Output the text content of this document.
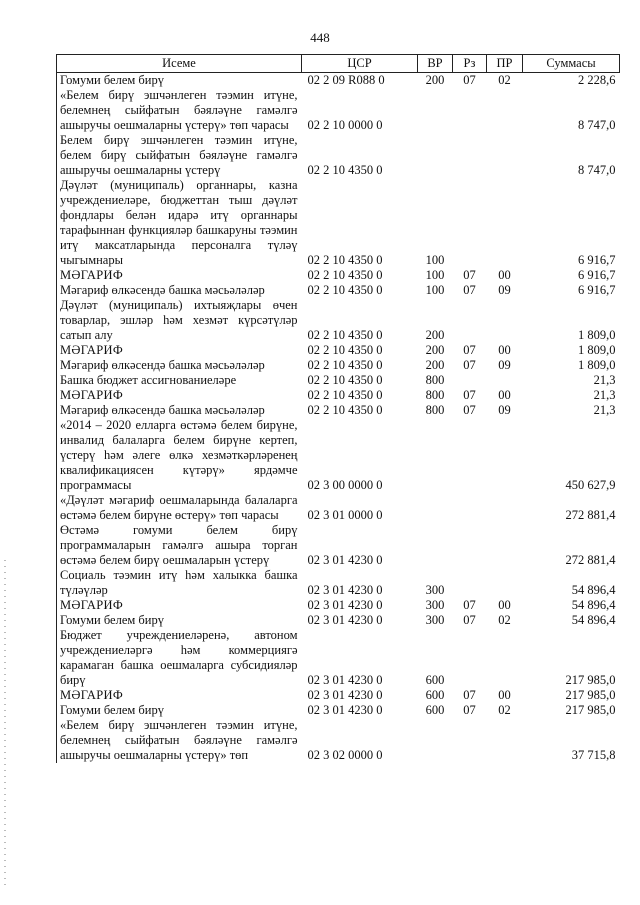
448
Исеме	ЦСР	ВР	Рз	ПР	Суммасы
Гомуми белем бирү	02 2 09 R088 0	200	07	02	2 228,6
«Белем бирү эшчәнлеген тәэмин итүне, белемнең сыйфатын бәяләүне гамәлгә ашыручы оешмаларны үстерү» төп чарасы	02 2 10 0000 0				8 747,0
Белем бирү эшчәнлеген тәэмин итүне, белем бирү сыйфатын бәяләүне гамәлгә ашыручы оешмаларны үстерү	02 2 10 4350 0				8 747,0
Дәүләт (муниципаль) органнары, казна учреждениеләре, бюджеттан тыш дәүләт фондлары белән идарә итү органнары тарафыннан функцияләр башкаруны тәэмин итү максатларында персоналга түләү чыгымнары	02 2 10 4350 0	100			6 916,7
МӘГАРИФ	02 2 10 4350 0	100	07	00	6 916,7
Мәгариф өлкәсендә башка мәсьәләләр	02 2 10 4350 0	100	07	09	6 916,7
Дәүләт (муниципаль) ихтыяҗлары өчен товарлар, эшләр һәм хезмәт күрсәтүләр сатып алу	02 2 10 4350 0	200			1 809,0
МӘГАРИФ	02 2 10 4350 0	200	07	00	1 809,0
Мәгариф өлкәсендә башка мәсьәләләр	02 2 10 4350 0	200	07	09	1 809,0
Башка бюджет ассигнованиеләре	02 2 10 4350 0	800			21,3
МӘГАРИФ	02 2 10 4350 0	800	07	00	21,3
Мәгариф өлкәсендә башка мәсьәләләр	02 2 10 4350 0	800	07	09	21,3
«2014 – 2020 елларга өстәмә белем бирүне, инвалид балаларга белем бирүне кертеп, үстерү һәм әлеге өлкә хезмәткәрләренең квалификациясен күтәрү» ярдәмче программасы	02 3 00 0000 0				450 627,9
«Дәүләт мәгариф оешмаларында балаларга өстәмә белем бирүне өстерү» төп чарасы	02 3 01 0000 0				272 881,4
Өстәмә гомуми белем бирү программаларын гамәлгә ашыра торган өстәмә белем бирү оешмаларын үстерү	02 3 01 4230 0				272 881,4
Социаль тәэмин итү һәм халыкка башка түләүләр	02 3 01 4230 0	300			54 896,4
МӘГАРИФ	02 3 01 4230 0	300	07	00	54 896,4
Гомуми белем бирү	02 3 01 4230 0	300	07	02	54 896,4
Бюджет учреждениеләренә, автоном учреждениеләргә һәм коммерциягә карамаган башка оешмаларга субсидияләр бирү	02 3 01 4230 0	600			217 985,0
МӘГАРИФ	02 3 01 4230 0	600	07	00	217 985,0
Гомуми белем бирү	02 3 01 4230 0	600	07	02	217 985,0
«Белем бирү эшчәнлеген тәэмин итүне, белемнең сыйфатын бәяләүне гамәлгә ашыручы оешмаларны үстерү» төп	02 3 02 0000 0				37 715,8
